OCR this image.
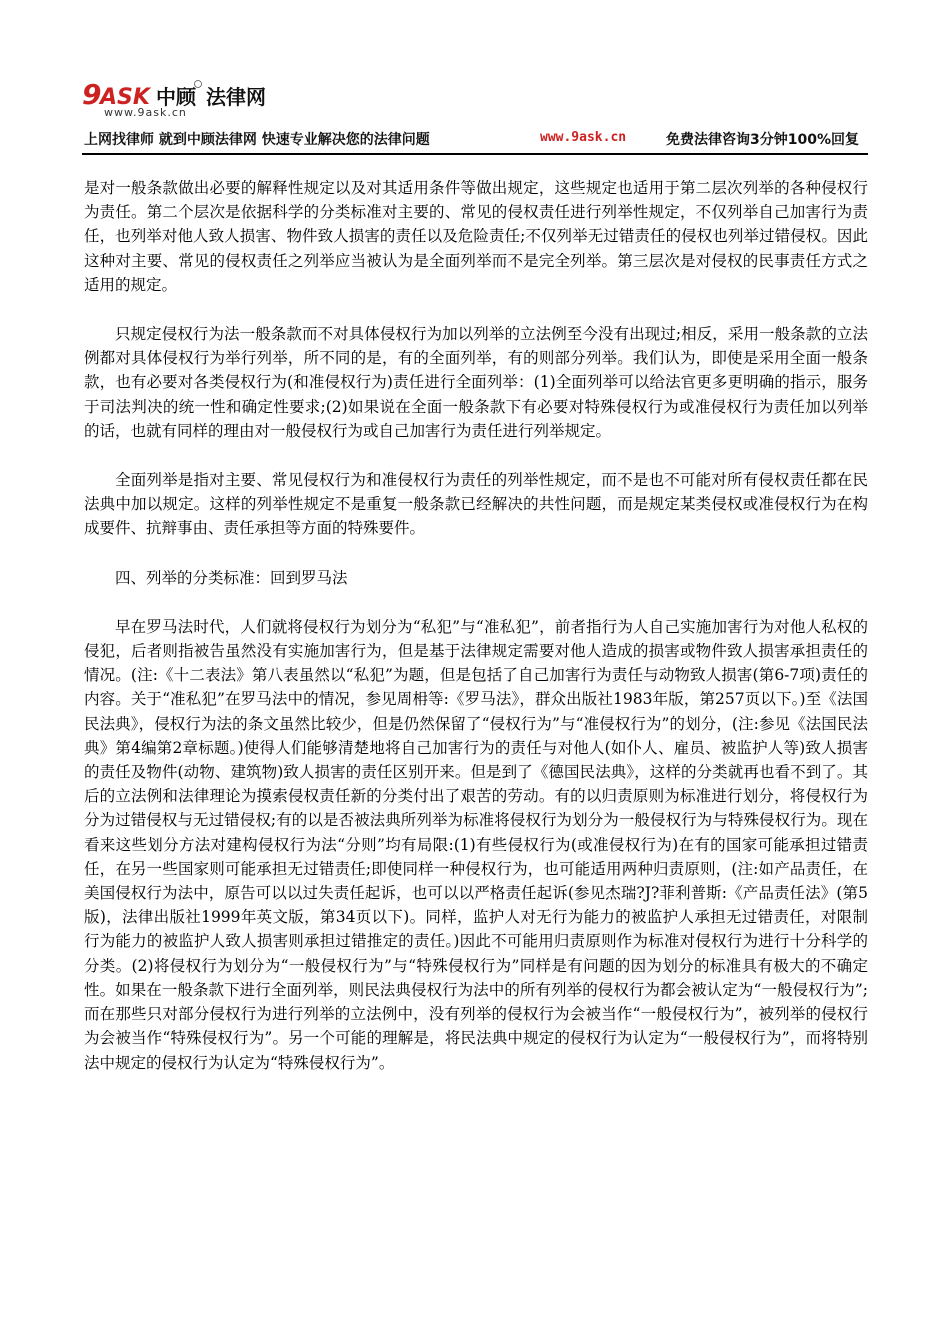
9
ASK 中顾 法律网
www.9ask.cn
上网找律师 就到中顾法律网 快速专业解决您的法律问题	www.9ask.cn	免费法律咨询3分钟100%回复

是对一般条款做出必要的解释性规定以及对其适用条件等做出规定，这些规定也适用于第二层次列举的各种侵权行为责任。第二个层次是依据科学的分类标准对主要的、常见的侵权责任进行列举性规定，不仅列举自己加害行为责任，也列举对他人致人损害、物件致人损害的责任以及危险责任;不仅列举无过错责任的侵权也列举过错侵权。因此这种对主要、常见的侵权责任之列举应当被认为是全面列举而不是完全列举。第三层次是对侵权的民事责任方式之适用的规定。

只规定侵权行为法一般条款而不对具体侵权行为加以列举的立法例至今没有出现过;相反，采用一般条款的立法例都对具体侵权行为举行列举，所不同的是，有的全面列举，有的则部分列举。我们认为，即使是采用全面一般条款，也有必要对各类侵权行为(和准侵权行为)责任进行全面列举：(1)全面列举可以给法官更多更明确的指示，服务于司法判决的统一性和确定性要求;(2)如果说在全面一般条款下有必要对特殊侵权行为或准侵权行为责任加以列举的话，也就有同样的理由对一般侵权行为或自己加害行为责任进行列举规定。

全面列举是指对主要、常见侵权行为和准侵权行为责任的列举性规定，而不是也不可能对所有侵权责任都在民法典中加以规定。这样的列举性规定不是重复一般条款已经解决的共性问题，而是规定某类侵权或准侵权行为在构成要件、抗辩事由、责任承担等方面的特殊要件。

四、列举的分类标准：回到罗马法

早在罗马法时代，人们就将侵权行为划分为“私犯”与“准私犯”，前者指行为人自己实施加害行为对他人私权的侵犯，后者则指被告虽然没有实施加害行为，但是基于法律规定需要对他人造成的损害或物件致人损害承担责任的情况。(注:《十二表法》第八表虽然以“私犯”为题，但是包括了自己加害行为责任与动物致人损害(第6-7项)责任的内容。关于“准私犯”在罗马法中的情况，参见周枏等:《罗马法》，群众出版社1983年版，第257页以下。)至《法国民法典》，侵权行为法的条文虽然比较少，但是仍然保留了“侵权行为”与“准侵权行为”的划分，(注:参见《法国民法典》第4编第2章标题。)使得人们能够清楚地将自己加害行为的责任与对他人(如仆人、雇员、被监护人等)致人损害的责任及物件(动物、建筑物)致人损害的责任区别开来。但是到了《德国民法典》，这样的分类就再也看不到了。其后的立法例和法律理论为摸索侵权责任新的分类付出了艰苦的劳动。有的以归责原则为标准进行划分，将侵权行为分为过错侵权与无过错侵权;有的以是否被法典所列举为标准将侵权行为划分为一般侵权行为与特殊侵权行为。现在看来这些划分方法对建构侵权行为法“分则”均有局限:(1)有些侵权行为(或准侵权行为)在有的国家可能承担过错责任，在另一些国家则可能承担无过错责任;即使同样一种侵权行为，也可能适用两种归责原则，(注:如产品责任，在美国侵权行为法中，原告可以以过失责任起诉，也可以以严格责任起诉(参见杰瑞?J?菲利普斯:《产品责任法》(第5版)，法律出版社1999年英文版，第34页以下)。同样，监护人对无行为能力的被监护人承担无过错责任，对限制行为能力的被监护人致人损害则承担过错推定的责任。)因此不可能用归责原则作为标准对侵权行为进行十分科学的分类。(2)将侵权行为划分为“一般侵权行为”与“特殊侵权行为”同样是有问题的因为划分的标准具有极大的不确定性。如果在一般条款下进行全面列举，则民法典侵权行为法中的所有列举的侵权行为都会被认定为“一般侵权行为”;而在那些只对部分侵权行为进行列举的立法例中，没有列举的侵权行为会被当作“一般侵权行为”，被列举的侵权行为会被当作“特殊侵权行为”。另一个可能的理解是，将民法典中规定的侵权行为认定为“一般侵权行为”，而将特别法中规定的侵权行为认定为“特殊侵权行为”。
